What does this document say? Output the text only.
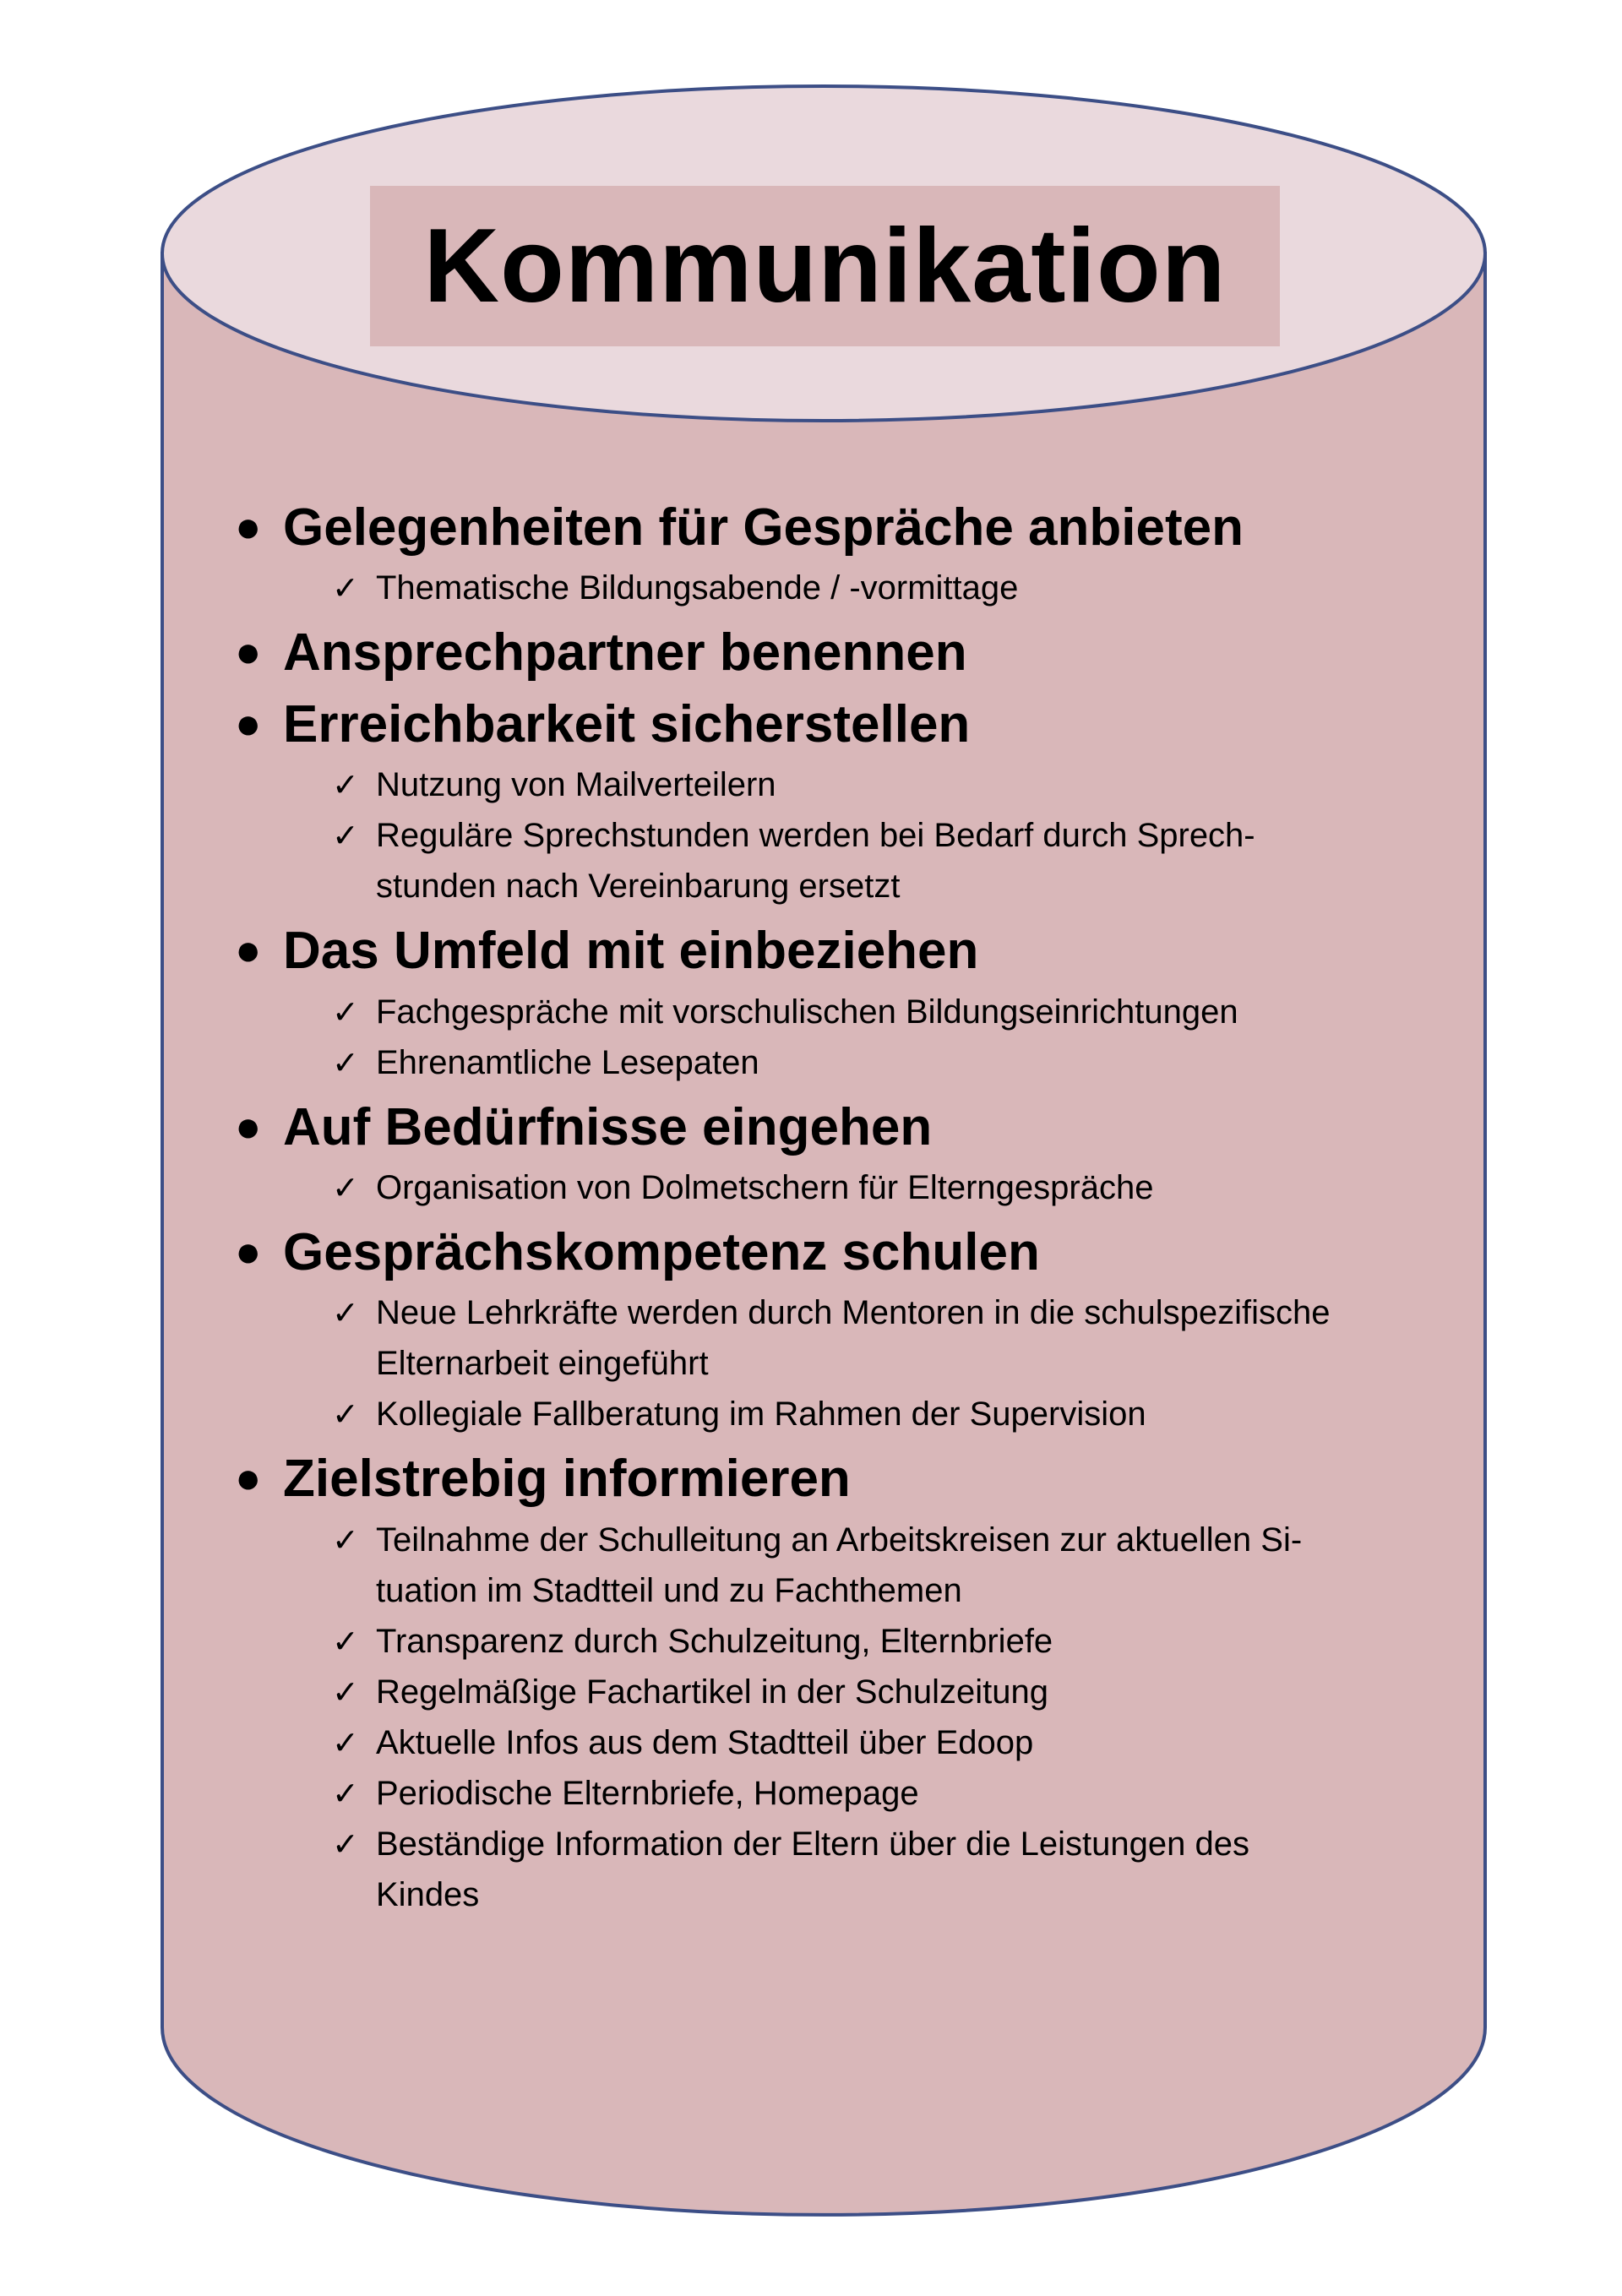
Kommunikation
● Gelegenheiten für Gespräche anbieten
✓ Thematische Bildungsabende / -vormittage
● Ansprechpartner benennen
● Erreichbarkeit sicherstellen
✓ Nutzung von Mailverteilern
✓ Reguläre Sprechstunden werden bei Bedarf durch Sprech-
stunden nach Vereinbarung ersetzt
● Das Umfeld mit einbeziehen
✓ Fachgespräche mit vorschulischen Bildungseinrichtungen
✓ Ehrenamtliche Lesepaten
● Auf Bedürfnisse eingehen
✓ Organisation von Dolmetschern für Elterngespräche
● Gesprächskompetenz schulen
✓ Neue Lehrkräfte werden durch Mentoren in die schulspezifische
Elternarbeit eingeführt
✓ Kollegiale Fallberatung im Rahmen der Supervision
● Zielstrebig informieren
✓ Teilnahme der Schulleitung an Arbeitskreisen zur aktuellen Si-
tuation im Stadtteil und zu Fachthemen
✓ Transparenz durch Schulzeitung, Elternbriefe
✓ Regelmäßige Fachartikel in der Schulzeitung
✓ Aktuelle Infos aus dem Stadtteil über Edoop
✓ Periodische Elternbriefe, Homepage
✓ Beständige Information der Eltern über die Leistungen des
Kindes
